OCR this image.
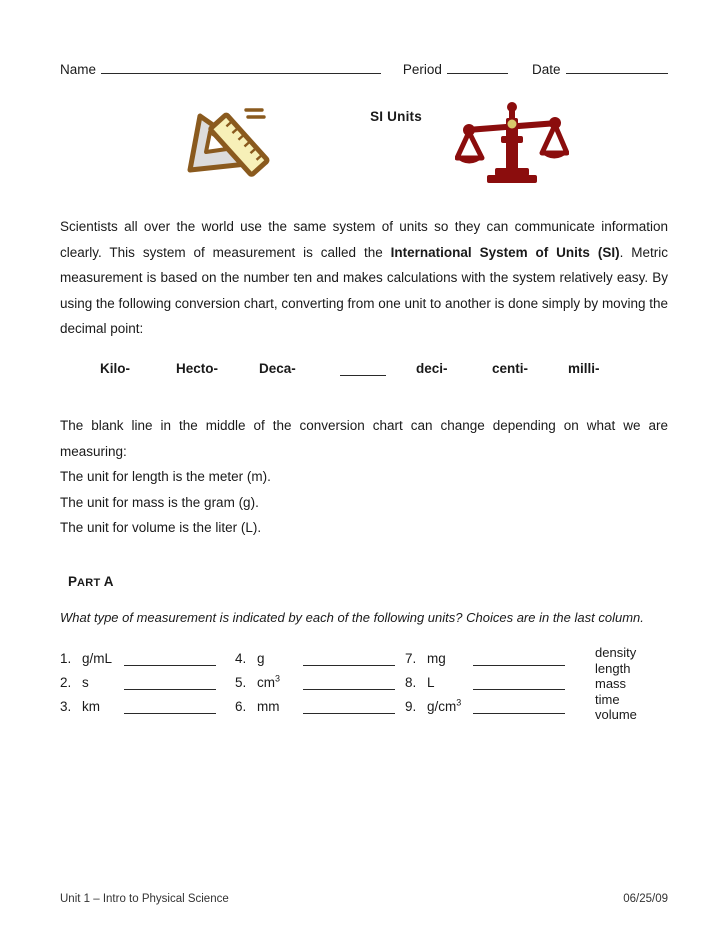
Name	Period	Date
SI Units
Scientists all over the world use the same system of units so they can communicate information clearly. This system of measurement is called the International System of Units (SI). Metric measurement is based on the number ten and makes calculations with the system relatively easy. By using the following conversion chart, converting from one unit to another is done simply by moving the decimal point:
Kilo-	Hecto-	Deca-	deci-	centi-	milli-
The blank line in the middle of the conversion chart can change depending on what we are measuring:
The unit for length is the meter (m).
The unit for mass is the gram (g).
The unit for volume is the liter (L).
PART A
What type of measurement is indicated by each of the following units? Choices are in the last column.
1. g/mL
2. s
3. km
4. g
5. $cm^3$
6. mm
7. mg
8. L
9. $g/cm^3$
density
length
mass
time
volume
Unit 1 – Intro to Physical Science	06/25/09
